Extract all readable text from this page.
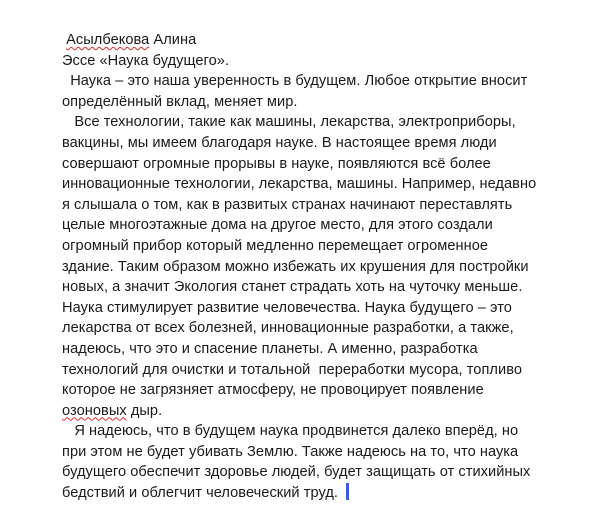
Асылбекова Алина
Эссе «Наука будущего».
Наука – это наша уверенность в будущем. Любое открытие вносит
определённый вклад, меняет мир.
Все технологии, такие как машины, лекарства, электроприборы,
вакцины, мы имеем благодаря науке. В настоящее время люди
совершают огромные прорывы в науке, появляются всё более
инновационные технологии, лекарства, машины. Например, недавно
я слышала о том, как в развитых странах начинают переставлять
целые многоэтажные дома на другое место, для этого создали
огромный прибор который медленно перемещает огроменное
здание. Таким образом можно избежать их крушения для постройки
новых, а значит Экология станет страдать хоть на чуточку меньше.
Наука стимулирует развитие человечества. Наука будущего – это
лекарства от всех болезней, инновационные разработки, а также,
надеюсь, что это и спасение планеты. А именно, разработка
технологий для очистки и тотальной  переработки мусора, топливо
которое не загрязняет атмосферу, не провоцирует появление
озоновых дыр.
Я надеюсь, что в будущем наука продвинется далеко вперёд, но
при этом не будет убивать Землю. Также надеюсь на то, что наука
будущего обеспечит здоровье людей, будет защищать от стихийных
бедствий и облегчит человеческий труд.
